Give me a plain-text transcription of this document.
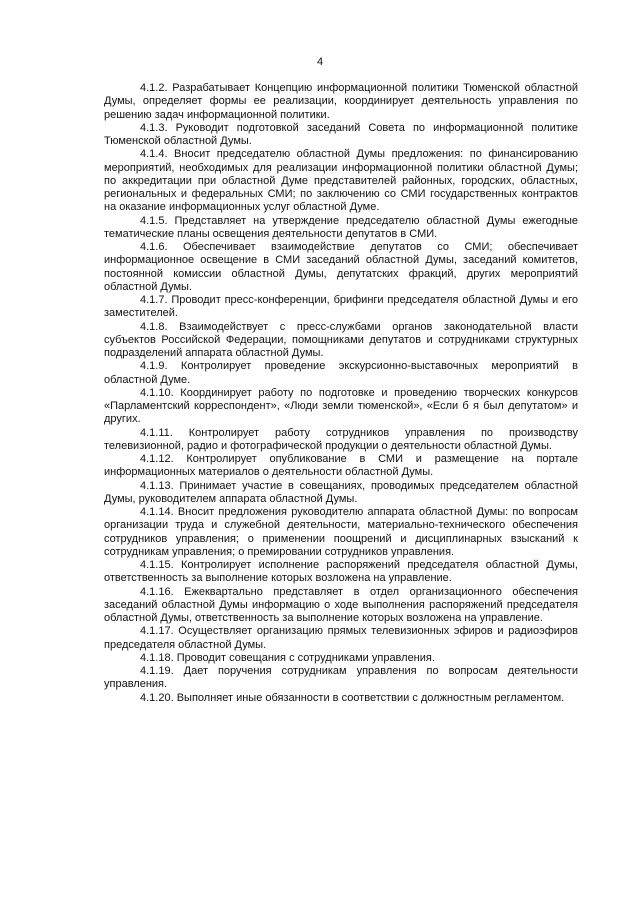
4

4.1.2. Разрабатывает Концепцию информационной политики Тюменской областной Думы, определяет формы ее реализации, координирует деятельность управления по решению задач информационной политики.

4.1.3. Руководит подготовкой заседаний Совета по информационной политике Тюменской областной Думы.

4.1.4. Вносит председателю областной Думы предложения: по финансированию мероприятий, необходимых для реализации информационной политики областной Думы; по аккредитации при областной Думе представителей районных, городских, областных, региональных и федеральных СМИ; по заключению со СМИ государственных контрактов на оказание информационных услуг областной Думе.

4.1.5. Представляет на утверждение председателю областной Думы ежегодные тематические планы освещения деятельности депутатов в СМИ.

4.1.6. Обеспечивает взаимодействие депутатов со СМИ; обеспечивает информационное освещение в СМИ заседаний областной Думы, заседаний комитетов, постоянной комиссии областной Думы, депутатских фракций, других мероприятий областной Думы.

4.1.7. Проводит пресс-конференции, брифинги председателя областной Думы и его заместителей.

4.1.8. Взаимодействует с пресс-службами органов законодательной власти субъектов Российской Федерации, помощниками депутатов и сотрудниками структурных подразделений аппарата областной Думы.

4.1.9. Контролирует проведение экскурсионно-выставочных мероприятий в областной Думе.

4.1.10. Координирует работу по подготовке и проведению творческих конкурсов «Парламентский корреспондент», «Люди земли тюменской», «Если б я был депутатом» и других.

4.1.11. Контролирует работу сотрудников управления по производству телевизионной, радио и фотографической продукции о деятельности областной Думы.

4.1.12. Контролирует опубликование в СМИ и размещение на портале информационных материалов о деятельности областной Думы.

4.1.13. Принимает участие в совещаниях, проводимых председателем областной Думы, руководителем аппарата областной Думы.

4.1.14. Вносит предложения руководителю аппарата областной Думы: по вопросам организации труда и служебной деятельности, материально-технического обеспечения сотрудников управления; о применении поощрений и дисциплинарных взысканий к сотрудникам управления; о премировании сотрудников управления.

4.1.15. Контролирует исполнение распоряжений председателя областной Думы, ответственность за выполнение которых возложена на управление.

4.1.16. Ежеквартально представляет в отдел организационного обеспечения заседаний областной Думы информацию о ходе выполнения распоряжений председателя областной Думы, ответственность за выполнение которых возложена на управление.

4.1.17. Осуществляет организацию прямых телевизионных эфиров и радиоэфиров председателя областной Думы.

4.1.18. Проводит совещания с сотрудниками управления.

4.1.19. Дает поручения сотрудникам управления по вопросам деятельности управления.

4.1.20. Выполняет иные обязанности в соответствии с должностным регламентом.
